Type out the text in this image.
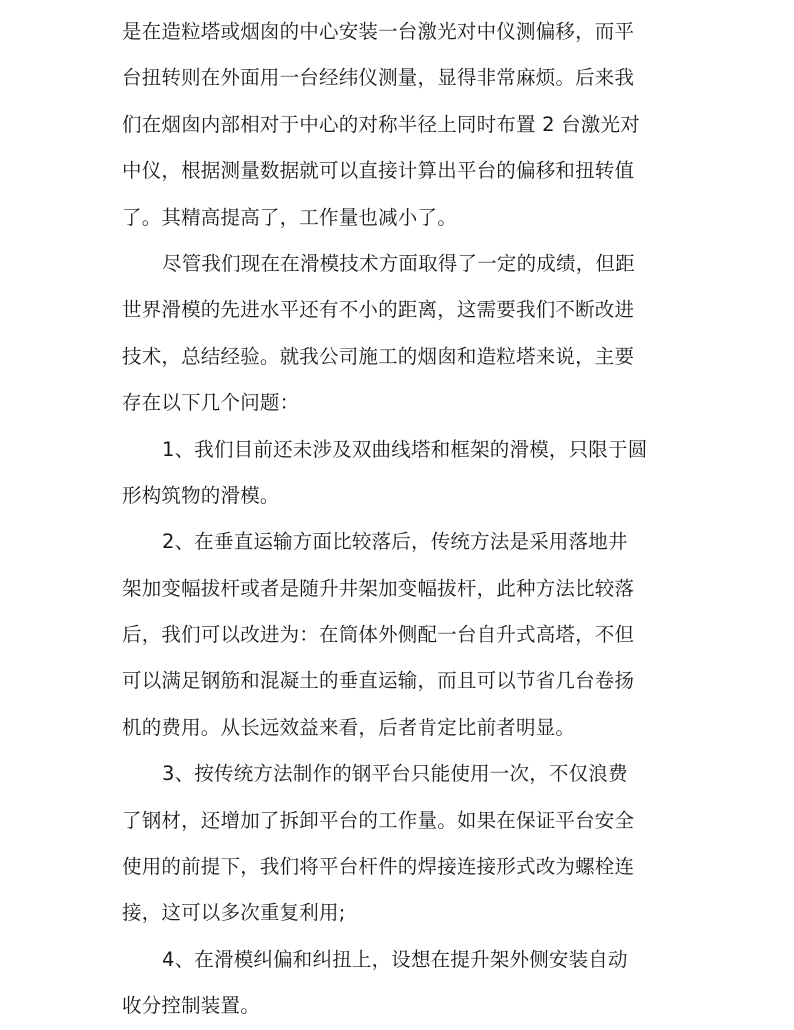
是在造粒塔或烟囱的中心安装一台激光对中仪测偏移，而平
台扭转则在外面用一台经纬仪测量，显得非常麻烦。后来我
们在烟囱内部相对于中心的对称半径上同时布置 2 台激光对
中仪，根据测量数据就可以直接计算出平台的偏移和扭转值
了。其精高提高了，工作量也减小了。
尽管我们现在在滑模技术方面取得了一定的成绩，但距
世界滑模的先进水平还有不小的距离，这需要我们不断改进
技术，总结经验。就我公司施工的烟囱和造粒塔来说，主要
存在以下几个问题：
1、我们目前还未涉及双曲线塔和框架的滑模，只限于圆
形构筑物的滑模。
2、在垂直运输方面比较落后，传统方法是采用落地井
架加变幅拔杆或者是随升井架加变幅拔杆，此种方法比较落
后，我们可以改进为：在筒体外侧配一台自升式高塔，不但
可以满足钢筋和混凝土的垂直运输，而且可以节省几台卷扬
机的费用。从长远效益来看，后者肯定比前者明显。
3、按传统方法制作的钢平台只能使用一次，不仅浪费
了钢材，还增加了拆卸平台的工作量。如果在保证平台安全
使用的前提下，我们将平台杆件的焊接连接形式改为螺栓连
接，这可以多次重复利用;
4、在滑模纠偏和纠扭上，设想在提升架外侧安装自动
收分控制装置。
